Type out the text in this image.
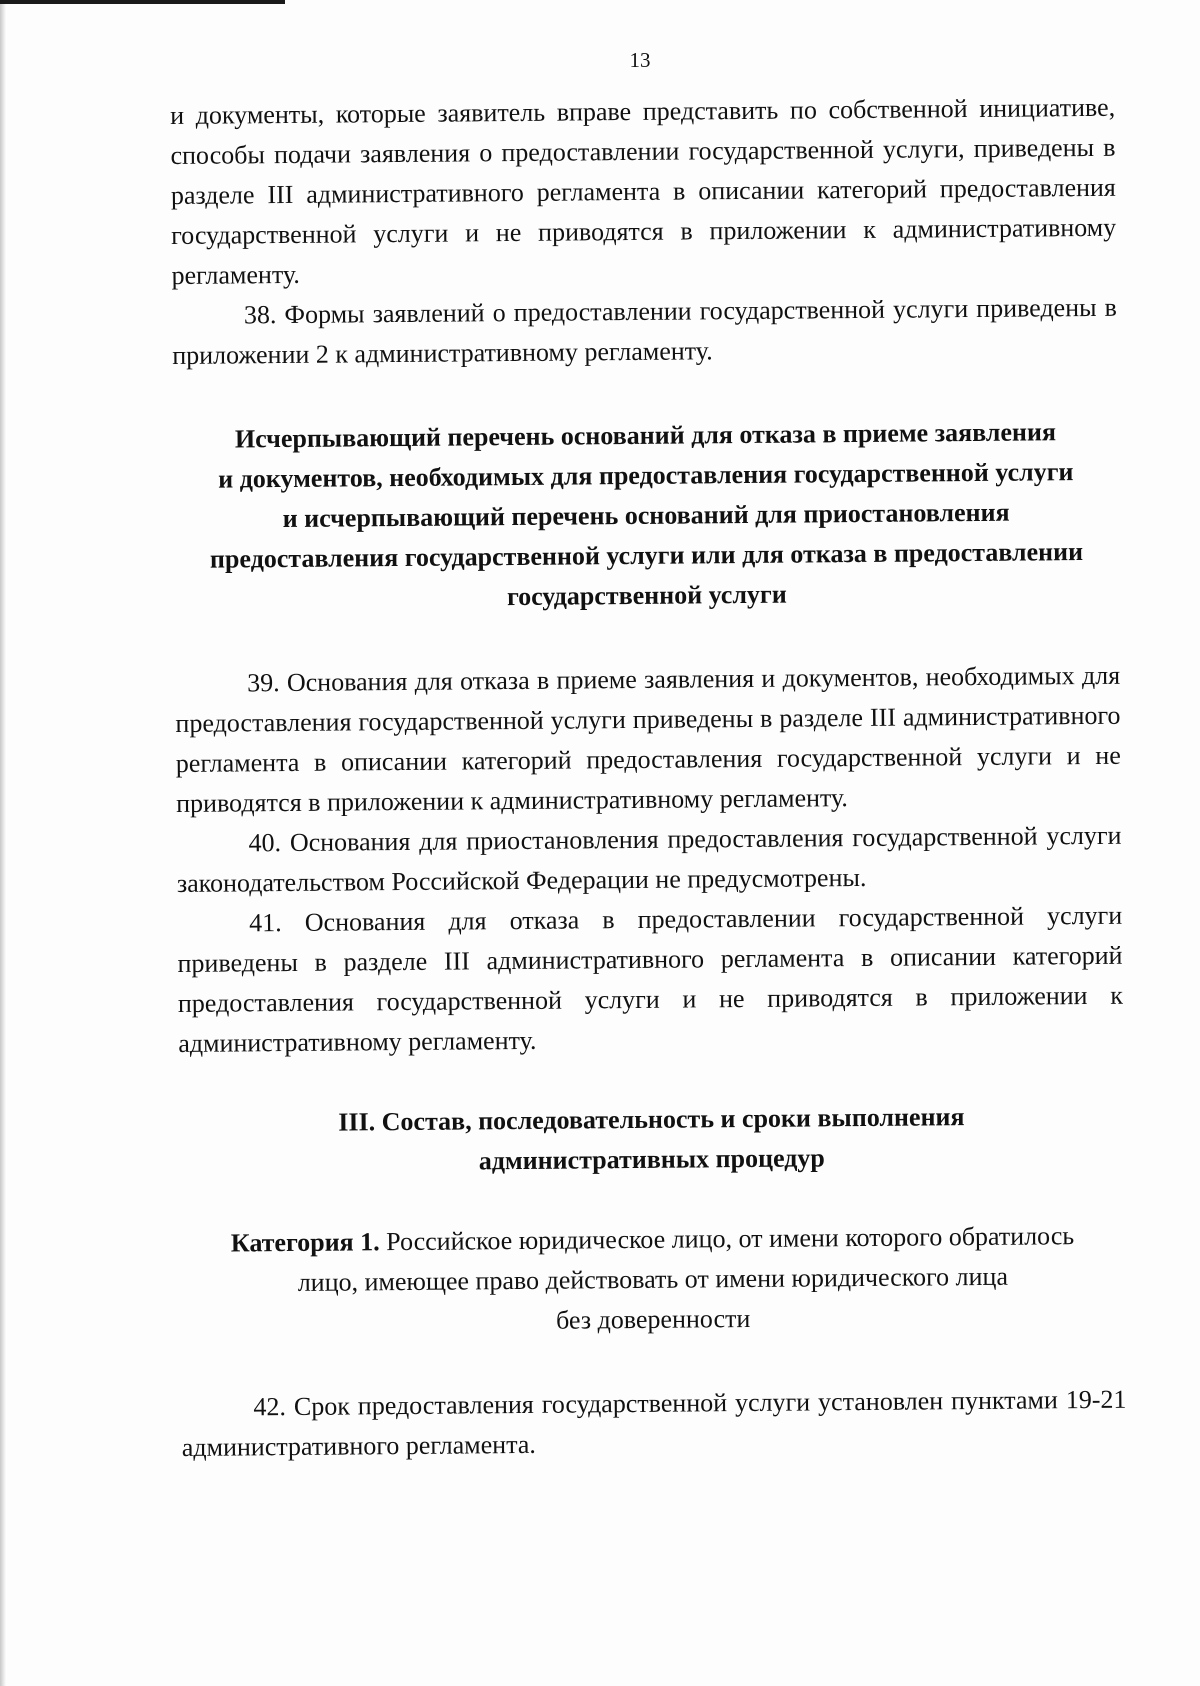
13

и документы, которые заявитель вправе представить по собственной инициативе, способы подачи заявления о предоставлении государственной услуги, приведены в разделе III административного регламента в описании категорий предоставления государственной услуги и не приводятся в приложении к административному регламенту.

38. Формы заявлений о предоставлении государственной услуги приведены в приложении 2 к административному регламенту.

Исчерпывающий перечень оснований для отказа в приеме заявления

и документов, необходимых для предоставления государственной услуги

и исчерпывающий перечень оснований для приостановления

предоставления государственной услуги или для отказа в предоставлении

государственной услуги

39. Основания для отказа в приеме заявления и документов, необходимых для предоставления государственной услуги приведены в разделе III административного регламента в описании категорий предоставления государственной услуги и не приводятся в приложении к административному регламенту.

40. Основания для приостановления предоставления государственной услуги законодательством Российской Федерации не предусмотрены.

41. Основания для отказа в предоставлении государственной услуги приведены в разделе III административного регламента в описании категорий предоставления государственной услуги и не приводятся в приложении к административному регламенту.

III. Состав, последовательность и сроки выполнения

административных процедур

Категория 1. Российское юридическое лицо, от имени которого обратилось

лицо, имеющее право действовать от имени юридического лица

без доверенности

42. Срок предоставления государственной услуги установлен пунктами 19-21 административного регламента.
